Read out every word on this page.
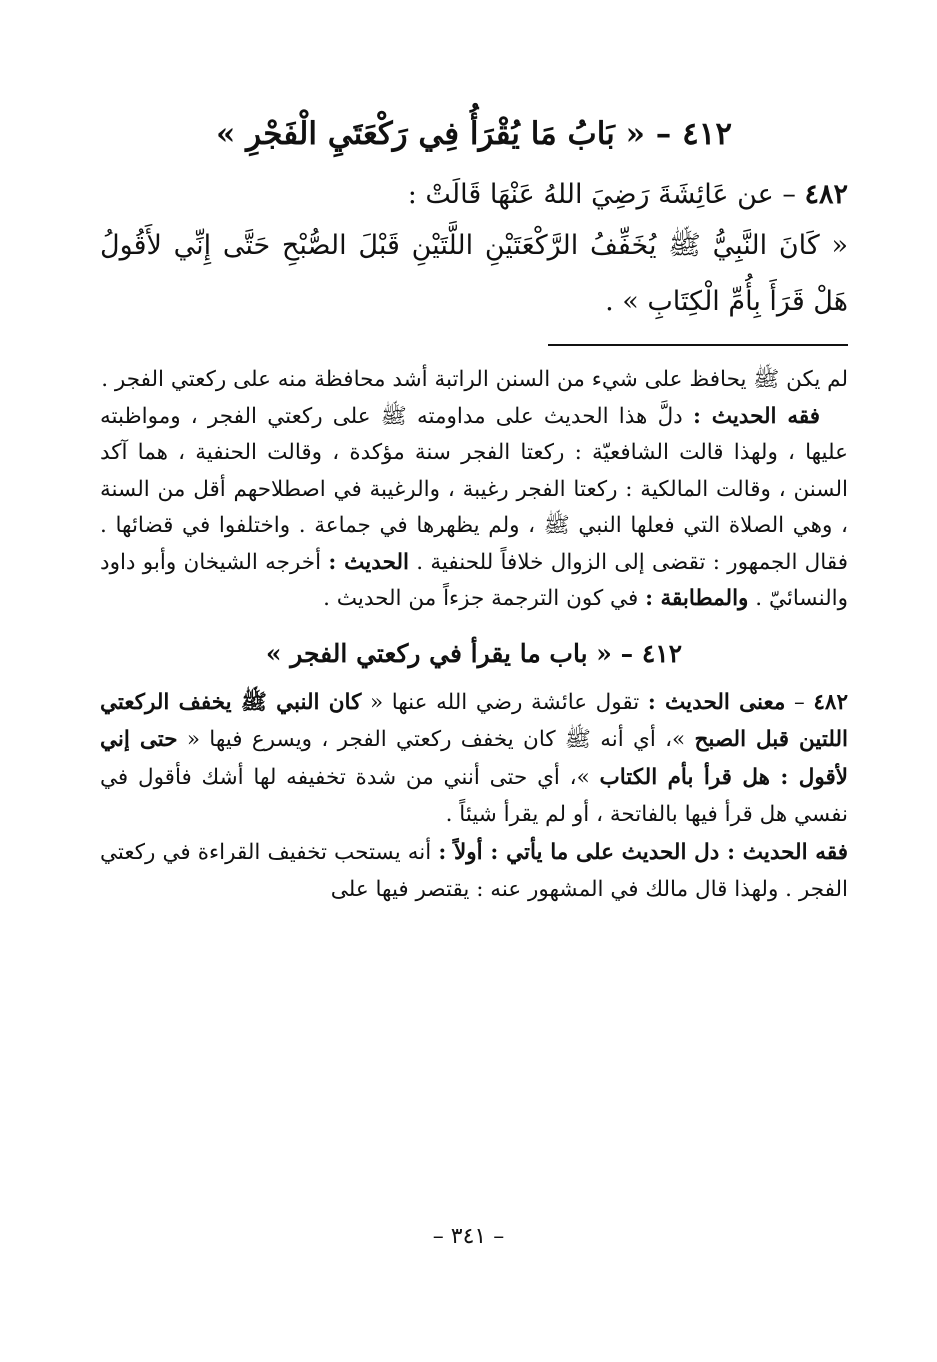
٤١٢ – « بَابُ مَا يُقْرَأُ فِي رَكْعَتَيِ الْفَجْرِ »

٤٨٢ – عن عَائِشَةَ رَضِيَ اللهُ عَنْهَا قَالَتْ :

« كَانَ النَّبِيُّ ﷺ يُخَفِّفُ الرَّكْعَتَيْنِ اللَّتَيْنِ قَبْلَ الصُّبْحِ حَتَّى إِنِّي لأَقُولُ هَلْ قَرَأَ بِأُمِّ الْكِتَابِ » .

لم يكن ﷺ يحافظ على شيء من السنن الراتبة أشد محافظة منه على ركعتي الفجر .

فقه الحديث : دلَّ هذا الحديث على مداومته ﷺ على ركعتي الفجر ، ومواظبته عليها ، ولهذا قالت الشافعيّة : ركعتا الفجر سنة مؤكدة ، وقالت الحنفية ، هما آكد السنن ، وقالت المالكية : ركعتا الفجر رغيبة ، والرغيبة في اصطلاحهم أقل من السنة ، وهي الصلاة التي فعلها النبي ﷺ ، ولم يظهرها في جماعة . واختلفوا في قضائها . فقال الجمهور : تقضى إلى الزوال خلافاً للحنفية . الحديث : أخرجه الشيخان وأبو داود والنسائيّ . والمطابقة : في كون الترجمة جزءاً من الحديث .

٤١٢ – « باب ما يقرأ في ركعتي الفجر »

٤٨٢ – معنى الحديث : تقول عائشة رضي الله عنها « كان النبي ﷺ يخفف الركعتي اللتين قبل الصبح »، أي أنه ﷺ كان يخفف ركعتي الفجر ، ويسرع فيها « حتى إني لأقول : هل قرأ بأم الكتاب »، أي حتى أنني من شدة تخفيفه لها أشك فأقول في نفسي هل قرأ فيها بالفاتحة ، أو لم يقرأ شيئاً .

فقه الحديث : دل الحديث على ما يأتي : أولاً : أنه يستحب تخفيف القراءة في ركعتي الفجر . ولهذا قال مالك في المشهور عنه : يقتصر فيها على

– ٣٤١ –
